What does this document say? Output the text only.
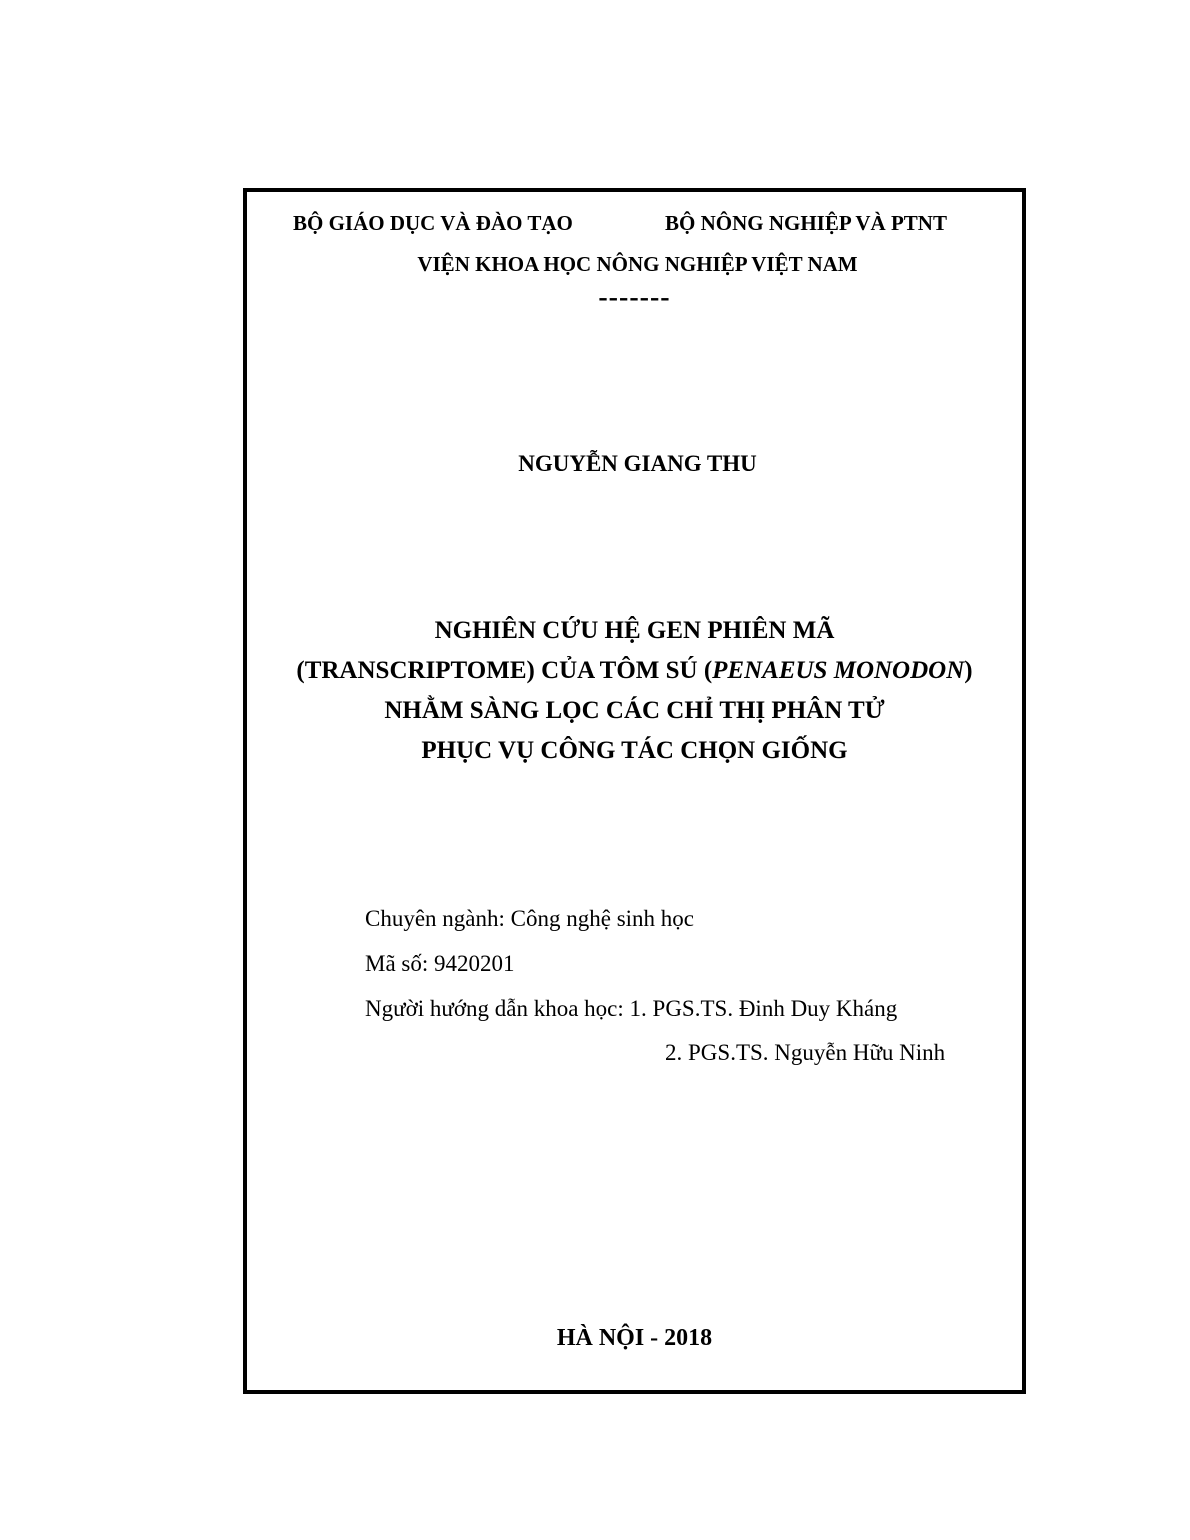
BỘ GIÁO DỤC VÀ ĐÀO TẠO	BỘ NÔNG NGHIỆP VÀ PTNT
VIỆN KHOA HỌC NÔNG NGHIỆP VIỆT NAM
-------
NGUYỄN GIANG THU
NGHIÊN CỨU HỆ GEN PHIÊN MÃ
(TRANSCRIPTOME) CỦA TÔM SÚ (PENAEUS MONODON)
NHẰM SÀNG LỌC CÁC CHỈ THỊ PHÂN TỬ
PHỤC VỤ CÔNG TÁC CHỌN GIỐNG
Chuyên ngành: Công nghệ sinh học
Mã số: 9420201
Người hướng dẫn khoa học: 1. PGS.TS. Đinh Duy Kháng
2. PGS.TS. Nguyễn Hữu Ninh
HÀ NỘI - 2018
